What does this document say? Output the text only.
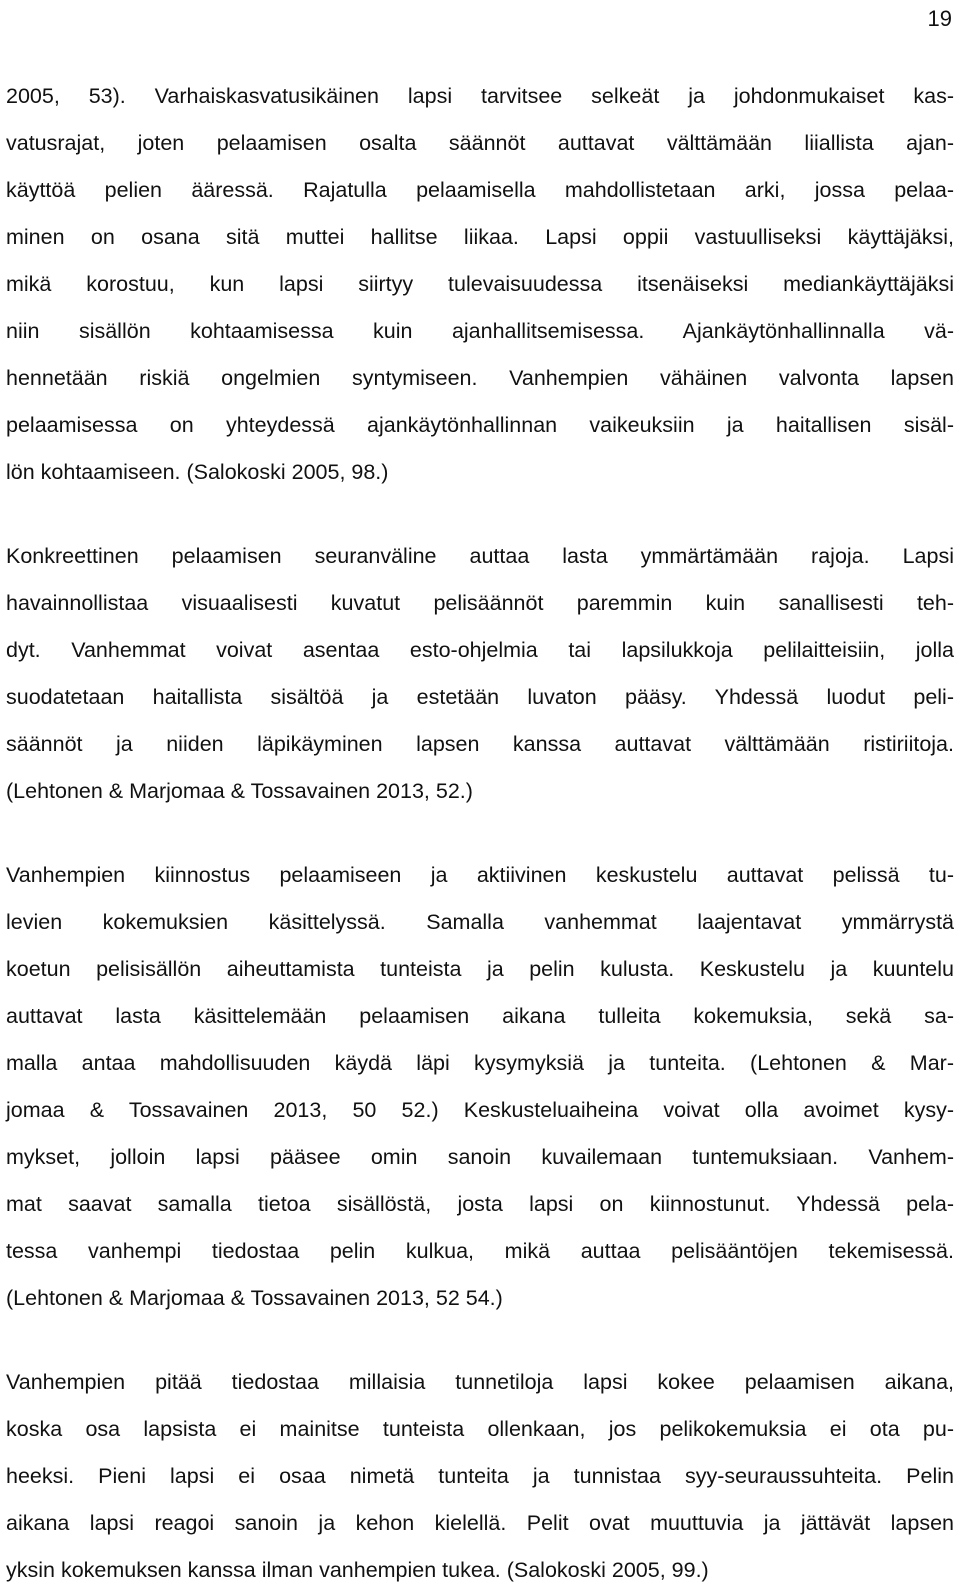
19
2005, 53). Varhaiskasvatusikäinen lapsi tarvitsee selkeät ja johdonmukaiset kas-
vatusrajat, joten pelaamisen osalta säännöt auttavat välttämään liiallista ajan-
käyttöä pelien ääressä. Rajatulla pelaamisella mahdollistetaan arki, jossa pelaa-
minen on osana sitä muttei hallitse liikaa. Lapsi oppii vastuulliseksi käyttäjäksi,
mikä korostuu, kun lapsi siirtyy tulevaisuudessa itsenäiseksi mediankäyttäjäksi
niin sisällön kohtaamisessa kuin ajanhallitsemisessa. Ajankäytönhallinnalla vä-
hennetään riskiä ongelmien syntymiseen. Vanhempien vähäinen valvonta lapsen
pelaamisessa on yhteydessä ajankäytönhallinnan vaikeuksiin ja haitallisen sisäl-
lön kohtaamiseen. (Salokoski 2005, 98.)
Konkreettinen pelaamisen seuranväline auttaa lasta ymmärtämään rajoja. Lapsi
havainnollistaa visuaalisesti kuvatut pelisäännöt paremmin kuin sanallisesti teh-
dyt. Vanhemmat voivat asentaa esto-ohjelmia tai lapsilukkoja pelilaitteisiin, jolla
suodatetaan haitallista sisältöä ja estetään luvaton pääsy. Yhdessä luodut peli-
säännöt ja niiden läpikäyminen lapsen kanssa auttavat välttämään ristiriitoja.
(Lehtonen & Marjomaa & Tossavainen 2013, 52.)
Vanhempien kiinnostus pelaamiseen ja aktiivinen keskustelu auttavat pelissä tu-
levien kokemuksien käsittelyssä. Samalla vanhemmat laajentavat ymmärrystä
koetun pelisisällön aiheuttamista tunteista ja pelin kulusta. Keskustelu ja kuuntelu
auttavat lasta käsittelemään pelaamisen aikana tulleita kokemuksia, sekä sa-
malla antaa mahdollisuuden käydä läpi kysymyksiä ja tunteita. (Lehtonen & Mar-
jomaa & Tossavainen 2013, 50 52.) Keskusteluaiheina voivat olla avoimet kysy-
mykset, jolloin lapsi pääsee omin sanoin kuvailemaan tuntemuksiaan. Vanhem-
mat saavat samalla tietoa sisällöstä, josta lapsi on kiinnostunut. Yhdessä pela-
tessa vanhempi tiedostaa pelin kulkua, mikä auttaa pelisääntöjen tekemisessä.
(Lehtonen & Marjomaa & Tossavainen 2013, 52 54.)
Vanhempien pitää tiedostaa millaisia tunnetiloja lapsi kokee pelaamisen aikana,
koska osa lapsista ei mainitse tunteista ollenkaan, jos pelikokemuksia ei ota pu-
heeksi. Pieni lapsi ei osaa nimetä tunteita ja tunnistaa syy-seuraussuhteita. Pelin
aikana lapsi reagoi sanoin ja kehon kielellä. Pelit ovat muuttuvia ja jättävät lapsen
yksin kokemuksen kanssa ilman vanhempien tukea. (Salokoski 2005, 99.)
